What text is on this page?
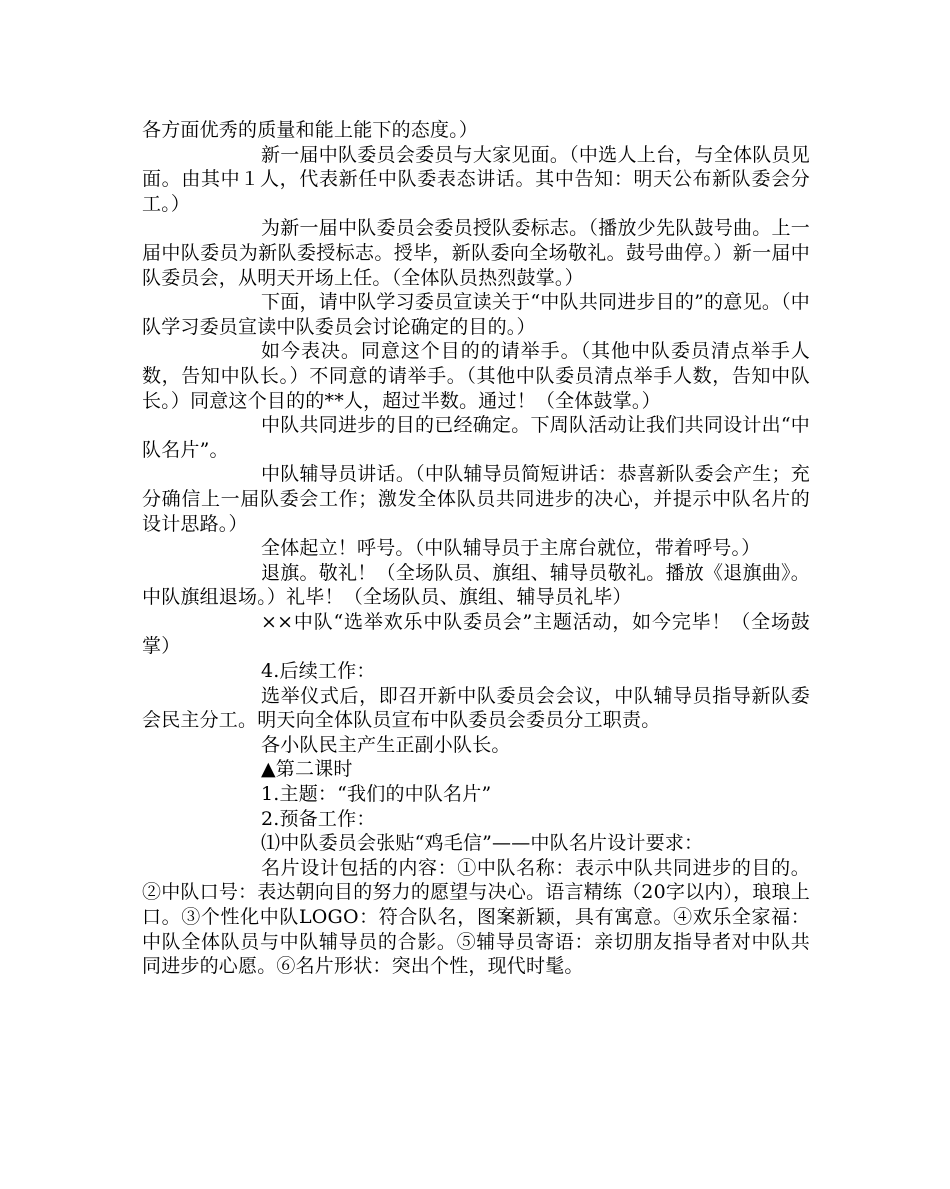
各方面优秀的质量和能上能下的态度。）

新一届中队委员会委员与大家见面。（中选人上台，与全体队员见面。由其中１人，代表新任中队委表态讲话。其中告知：明天公布新队委会分工。）

为新一届中队委员会委员授队委标志。（播放少先队鼓号曲。上一届中队委员为新队委授标志。授毕，新队委向全场敬礼。鼓号曲停。）新一届中队委员会，从明天开场上任。（全体队员热烈鼓掌。）

下面，请中队学习委员宣读关于“中队共同进步目的”的意见。（中队学习委员宣读中队委员会讨论确定的目的。）

如今表决。同意这个目的的请举手。（其他中队委员清点举手人数，告知中队长。）不同意的请举手。（其他中队委员清点举手人数，告知中队长。）同意这个目的的**人，超过半数。通过！（全体鼓掌。）

中队共同进步的目的已经确定。下周队活动让我们共同设计出“中队名片”。

中队辅导员讲话。（中队辅导员简短讲话：恭喜新队委会产生；充分确信上一届队委会工作；激发全体队员共同进步的决心，并提示中队名片的设计思路。）

全体起立！呼号。（中队辅导员于主席台就位，带着呼号。）

退旗。敬礼！（全场队员、旗组、辅导员敬礼。播放《退旗曲》。中队旗组退场。）礼毕！（全场队员、旗组、辅导员礼毕）

××中队“选举欢乐中队委员会”主题活动，如今完毕！（全场鼓掌）

4.后续工作：

选举仪式后，即召开新中队委员会会议，中队辅导员指导新队委会民主分工。明天向全体队员宣布中队委员会委员分工职责。

各小队民主产生正副小队长。

▲第二课时

1.主题：“我们的中队名片”

2.预备工作：

⑴中队委员会张贴“鸡毛信”——中队名片设计要求：

名片设计包括的内容：①中队名称：表示中队共同进步的目的。②中队口号：表达朝向目的努力的愿望与决心。语言精练（20字以内），琅琅上口。③个性化中队LOGO：符合队名，图案新颖，具有寓意。④欢乐全家福：中队全体队员与中队辅导员的合影。⑤辅导员寄语：亲切朋友指导者对中队共同进步的心愿。⑥名片形状：突出个性，现代时髦。
